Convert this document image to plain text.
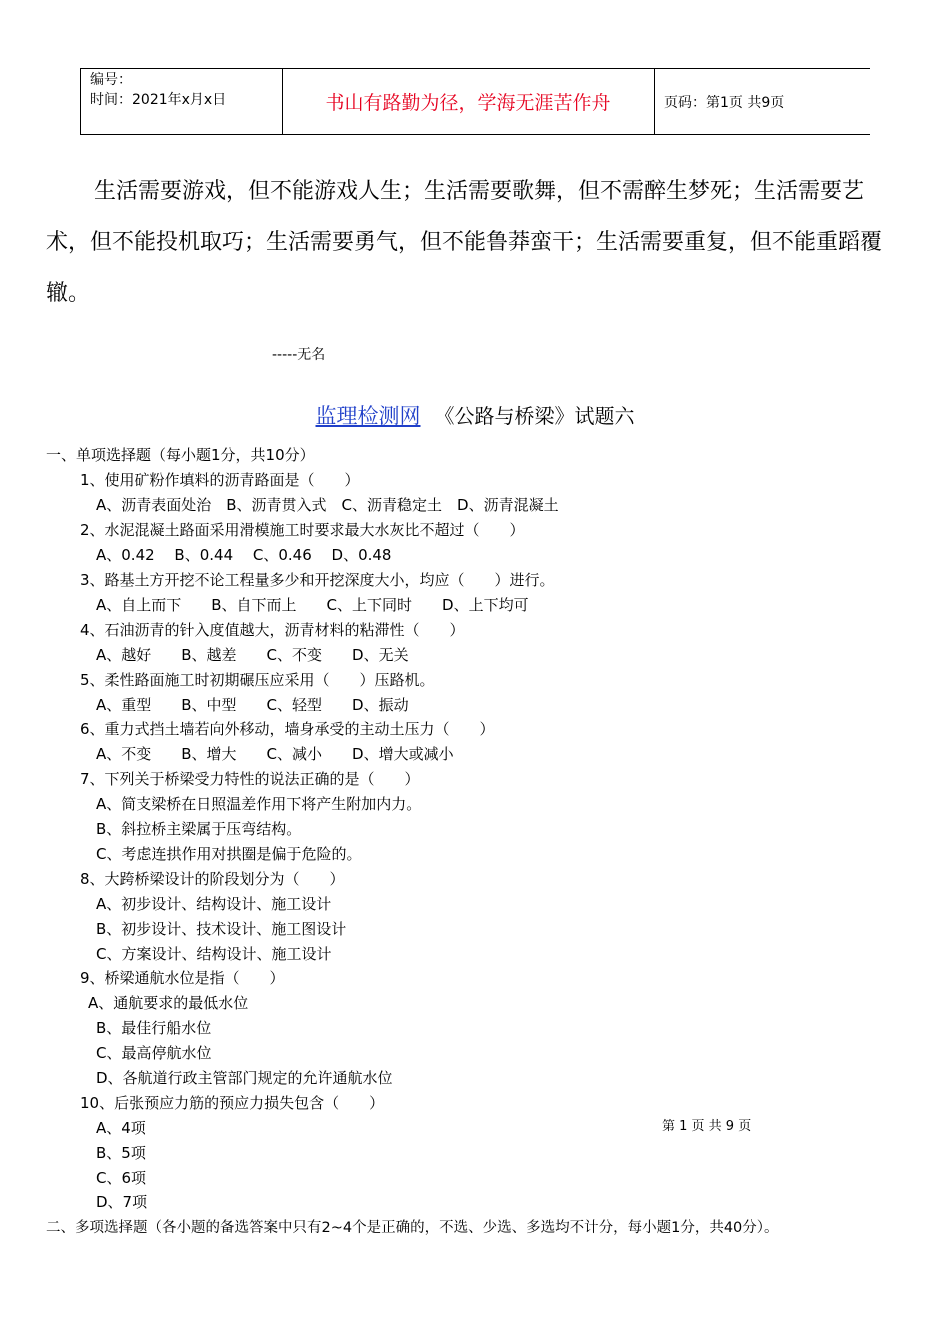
编号：
时间：2021年x月x日	书山有路勤为径，学海无涯苦作舟	页码：第1页 共9页
生活需要游戏，但不能游戏人生；生活需要歌舞，但不需醉生梦死；生活需要艺术，但不能投机取巧；生活需要勇气，但不能鲁莽蛮干；生活需要重复，但不能重蹈覆辙。
-----无名
监理检测网 《公路与桥梁》试题六
一、单项选择题（每小题1分，共10分）
1、使用矿粉作填料的沥青路面是（　　）
A、沥青表面处治　B、沥青贯入式　C、沥青稳定土　D、沥青混凝土
2、水泥混凝土路面采用滑模施工时要求最大水灰比不超过（　　）
A、0.42　 B、0.44　 C、0.46　 D、0.48
3、路基土方开挖不论工程量多少和开挖深度大小，均应（　　）进行。
A、自上而下　　B、自下而上　　C、上下同时　　D、上下均可
4、石油沥青的针入度值越大，沥青材料的粘滞性（　　）
A、越好　　B、越差　　C、不变　　D、无关
5、柔性路面施工时初期碾压应采用（　　）压路机。
A、重型　　B、中型　　C、轻型　　D、振动
6、重力式挡土墙若向外移动，墙身承受的主动土压力（　　）
A、不变　　B、增大　　C、减小　　D、增大或减小
7、下列关于桥梁受力特性的说法正确的是（　　）
A、简支梁桥在日照温差作用下将产生附加内力。
B、斜拉桥主梁属于压弯结构。
C、考虑连拱作用对拱圈是偏于危险的。
8、大跨桥梁设计的阶段划分为（　　）
A、初步设计、结构设计、施工设计
B、初步设计、技术设计、施工图设计
C、方案设计、结构设计、施工设计
9、桥梁通航水位是指（　　）
A、通航要求的最低水位
B、最佳行船水位
C、最高停航水位
D、各航道行政主管部门规定的允许通航水位
10、后张预应力筋的预应力损失包含（　　）
A、4项
B、5项
C、6项
D、7项
二、多项选择题（各小题的备选答案中只有2~4个是正确的，不选、少选、多选均不计分，每小题1分，共40分）。
第 1 页 共 9 页
